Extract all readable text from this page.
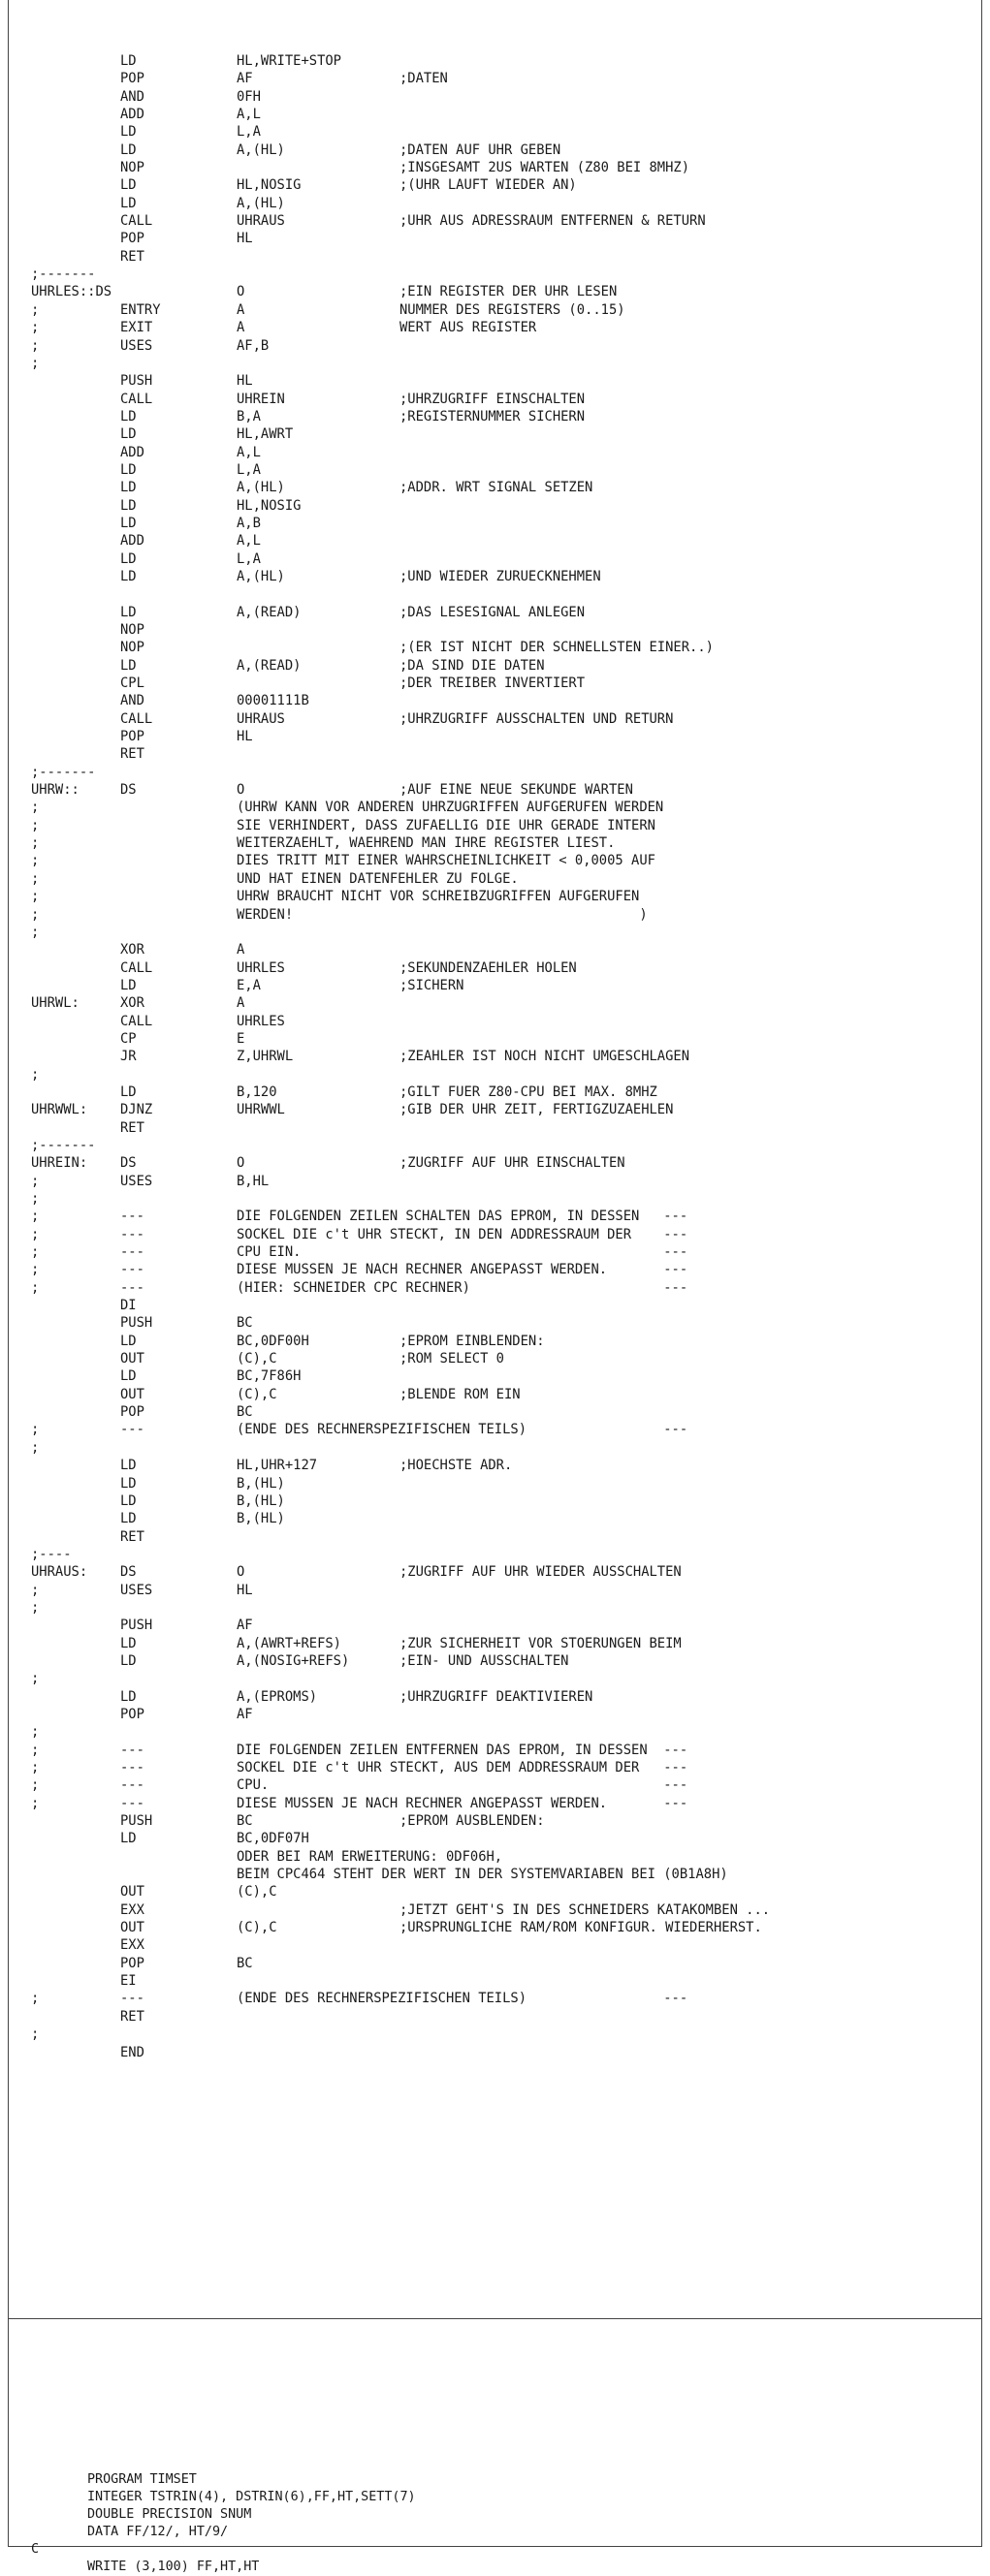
LD	HL,WRITE+STOP
POP	AF	;DATEN
AND	0FH
ADD	A,L
LD	L,A
LD	A,(HL)	;DATEN AUF UHR GEBEN
NOP	;INSGESAMT 2US WARTEN (Z80 BEI 8MHZ)
LD	HL,NOSIG	;(UHR LAUFT WIEDER AN)
LD	A,(HL)
CALL	UHRAUS	;UHR AUS ADRESSRAUM ENTFERNEN & RETURN
POP	HL
RET
;-------
UHRLES::DS	O	;EIN REGISTER DER UHR LESEN
;	ENTRY	A	NUMMER DES REGISTERS (0..15)
;	EXIT	A	WERT AUS REGISTER
;	USES	AF,B
;
PUSH	HL
CALL	UHREIN	;UHRZUGRIFF EINSCHALTEN
LD	B,A	;REGISTERNUMMER SICHERN
LD	HL,AWRT
ADD	A,L
LD	L,A
LD	A,(HL)	;ADDR. WRT SIGNAL SETZEN
LD	HL,NOSIG
LD	A,B
ADD	A,L
LD	L,A
LD	A,(HL)	;UND WIEDER ZURUECKNEHMEN
LD	A,(READ)	;DAS LESESIGNAL ANLEGEN
NOP
NOP	;(ER IST NICHT DER SCHNELLSTEN EINER..)
LD	A,(READ)	;DA SIND DIE DATEN
CPL	;DER TREIBER INVERTIERT
AND	00001111B
CALL	UHRAUS	;UHRZUGRIFF AUSSCHALTEN UND RETURN
POP	HL
RET
;-------
UHRW::	DS	O	;AUF EINE NEUE SEKUNDE WARTEN
;	(UHRW KANN VOR ANDEREN UHRZUGRIFFEN AUFGERUFEN WERDEN
;	SIE VERHINDERT, DASS ZUFAELLIG DIE UHR GERADE INTERN
;	WEITERZAEHLT, WAEHREND MAN IHRE REGISTER LIEST.
;	DIES TRITT MIT EINER WAHRSCHEINLICHKEIT < 0,0005 AUF
;	UND HAT EINEN DATENFEHLER ZU FOLGE.
;	UHRW BRAUCHT NICHT VOR SCHREIBZUGRIFFEN AUFGERUFEN
;	WERDEN!                                           )
;
XOR	A
CALL	UHRLES	;SEKUNDENZAEHLER HOLEN
LD	E,A	;SICHERN
UHRWL:	XOR	A
CALL	UHRLES
CP	E
JR	Z,UHRWL	;ZEAHLER IST NOCH NICHT UMGESCHLAGEN
;
LD	B,120	;GILT FUER Z80-CPU BEI MAX. 8MHZ
UHRWWL: DJNZ	UHRWWL	;GIB DER UHR ZEIT, FERTIGZUZAEHLEN
RET
;-------
UHREIN: DS	O	;ZUGRIFF AUF UHR EINSCHALTEN
;	USES	B,HL
;
;	---	DIE FOLGENDEN ZEILEN SCHALTEN DAS EPROM, IN DESSEN   ---
;	---	SOCKEL DIE c't UHR STECKT, IN DEN ADDRESSRAUM DER    ---
;	---	CPU EIN.                                             ---
;	---	DIESE MUSSEN JE NACH RECHNER ANGEPASST WERDEN.       ---
;	---	(HIER: SCHNEIDER CPC RECHNER)                        ---
DI
PUSH	BC
LD	BC,0DF00H	;EPROM EINBLENDEN:
OUT	(C),C	;ROM SELECT 0
LD	BC,7F86H
OUT	(C),C	;BLENDE ROM EIN
POP	BC
;	---	(ENDE DES RECHNERSPEZIFISCHEN TEILS)                 ---
;
LD	HL,UHR+127	;HOECHSTE ADR.
LD	B,(HL)
LD	B,(HL)
LD	B,(HL)
RET
;----
UHRAUS: DS	O	;ZUGRIFF AUF UHR WIEDER AUSSCHALTEN
;	USES	HL
;
PUSH	AF
LD	A,(AWRT+REFS)	;ZUR SICHERHEIT VOR STOERUNGEN BEIM
LD	A,(NOSIG+REFS)	;EIN- UND AUSSCHALTEN
;
LD	A,(EPROMS)	;UHRZUGRIFF DEAKTIVIEREN
POP	AF
;
;	---	DIE FOLGENDEN ZEILEN ENTFERNEN DAS EPROM, IN DESSEN  ---
;	---	SOCKEL DIE c't UHR STECKT, AUS DEM ADDRESSRAUM DER   ---
;	---	CPU.                                                 ---
;	---	DIESE MUSSEN JE NACH RECHNER ANGEPASST WERDEN.       ---
PUSH	BC	;EPROM AUSBLENDEN:
LD	BC,0DF07H
ODER BEI RAM ERWEITERUNG: 0DF06H,
BEIM CPC464 STEHT DER WERT IN DER SYSTEMVARIABEN BEI (0B1A8H)
OUT	(C),C
EXX	;JETZT GEHT'S IN DES SCHNEIDERS KATAKOMBEN ...
OUT	(C),C	;URSPRUNGLICHE RAM/ROM KONFIGUR. WIEDERHERST.
EXX
POP	BC
EI
;	---	(ENDE DES RECHNERSPEZIFISCHEN TEILS)                 ---
RET
;
END
PROGRAM TIMSET
INTEGER TSTRIN(4), DSTRIN(6),FF,HT,SETT(7)
DOUBLE PRECISION SNUM
DATA FF/12/, HT/9/
C
WRITE (3,100) FF,HT,HT
